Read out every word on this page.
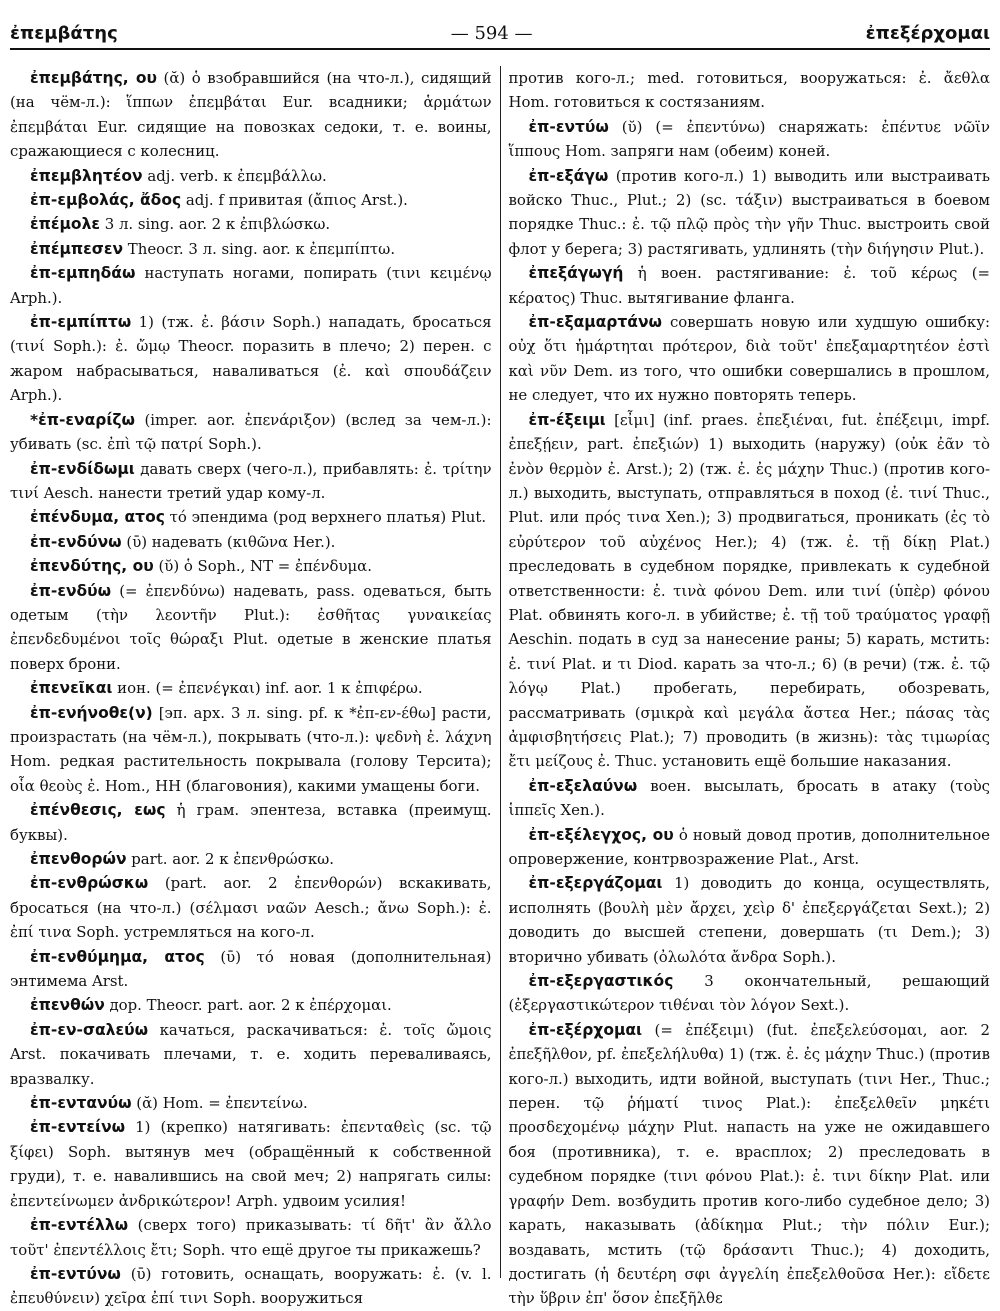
ἐπεμβάτης	— 594 —	ἐπεξέρχομαι

ἐπεμβάτης, ου (ᾰ) ὁ взобравшийся (на что-л.), сидящий (на чём-л.): ἵππων ἐπεμβάται Eur. всадники; ἁρμάτων ἐπεμβάται Eur. сидящие на повозках седоки, т. е. воины, сражающиеся с колесниц.

ἐπεμβλητέον adj. verb. к ἐπεμβάλλω.

ἐπ-εμβολάς, ἄδος adj. f привитая (ἄπιος Arst.).

ἐπέμολε 3 л. sing. aor. 2 к ἐπιβλώσκω.

ἐπέμπεσεν Theocr. 3 л. sing. aor. к ἐπεμπίπτω.

ἐπ-εμπηδάω наступать ногами, попирать (τινι κειμένῳ Arph.).

ἐπ-εμπίπτω 1) (тж. ἐ. βάσιν Soph.) нападать, бросаться (τινί Soph.): ἐ. ὤμῳ Theocr. поразить в плечо; 2) перен. с жаром набрасываться, наваливаться (ἐ. καὶ σπουδάζειν Arph.).

*ἐπ-εναρίζω (imper. aor. ἐπενάριξον) (вслед за чем-л.): убивать (sc. ἐπὶ τῷ πατρί Soph.).

ἐπ-ενδίδωμι давать сверх (чего-л.), прибавлять: ἐ. τρίτην τινί Aesch. нанести третий удар кому-л.

ἐπένδυμα, ατος τό эпендима (род верхнего платья) Plut.

ἐπ-ενδύνω (ῡ) надевать (κιθῶνα Her.).

ἐπενδύτης, ου (ῠ) ὁ Soph., NT = ἐπένδυμα.

ἐπ-ενδύω (= ἐπενδύνω) надевать, pass. одеваться, быть одетым (τὴν λεοντῆν Plut.): ἐσθῆτας γυναικείας ἐπενδεδυμένοι τοῖς θώραξι Plut. одетые в женские платья поверх брони.

ἐπενεῖκαι ион. (= ἐπενέγκαι) inf. aor. 1 к ἐπιφέρω.

ἐπ-ενήνοθε(ν) [эп. арх. 3 л. sing. pf. к *ἐπ-εν-έθω] расти, произрастать (на чём-л.), покрывать (что-л.): ψεδνὴ ἐ. λάχνη Hom. редкая растительность покрывала (голову Терсита); οἷα θεοὺς ἐ. Hom., HH (благовония), какими умащены боги.

ἐπένθεσις, εως ἡ грам. эпентеза, вставка (преимущ. буквы).

ἐπενθορών part. aor. 2 к ἐπενθρώσκω.

ἐπ-ενθρώσκω (part. aor. 2 ἐπενθορών) вскакивать, бросаться (на что-л.) (σέλμασι ναῶν Aesch.; ἄνω Soph.): ἐ. ἐπί τινα Soph. устремляться на кого-л.

ἐπ-ενθύμημα, ατος (ῡ) τό новая (дополнительная) энтимема Arst.

ἐπενθών дор. Theocr. part. aor. 2 к ἐπέρχομαι.

ἐπ-εν-σαλεύω качаться, раскачиваться: ἐ. τοῖς ὤμοις Arst. покачивать плечами, т. е. ходить переваливаясь, вразвалку.

ἐπ-εντανύω (ᾰ) Hom. = ἐπεντείνω.

ἐπ-εντείνω 1) (крепко) натягивать: ἐπενταθεὶς (sc. τῷ ξίφει) Soph. вытянув меч (обращённый к собственной груди), т. е. навалившись на свой меч; 2) напрягать силы: ἐπεντείνωμεν ἀνδρικώτερον! Arph. удвоим усилия!

ἐπ-εντέλλω (сверх того) приказывать: τί δῆτ' ἂν ἄλλο τοῦτ' ἐπεντέλλοις ἔτι; Soph. что ещё другое ты прикажешь?

ἐπ-εντύνω (ῡ) готовить, оснащать, вооружать: ἐ. (v. l. ἐπευθύνειν) χεῖρα ἐπί τινι Soph. вооружиться

против кого-л.; med. готовиться, вооружаться: ἐ. ἄεθλα Hom. готовиться к состязаниям.

ἐπ-εντύω (ῠ) (= ἐπεντύνω) снаряжать: ἐπέντυε νῶϊν ἵππους Hom. запряги нам (обеим) коней.

ἐπ-εξάγω (против кого-л.) 1) выводить или выстраивать войско Thuc., Plut.; 2) (sc. τάξιν) выстраиваться в боевом порядке Thuc.: ἐ. τῷ πλῷ πρὸς τὴν γῆν Thuc. выстроить свой флот у берега; 3) растягивать, удлинять (τὴν διήγησιν Plut.).

ἐπεξάγωγή ἡ воен. растягивание: ἐ. τοῦ κέρως (= κέρατος) Thuc. вытягивание фланга.

ἐπ-εξαμαρτάνω совершать новую или худшую ошибку: οὐχ ὅτι ἡμάρτηται πρότερον, διὰ τοῦτ' ἐπεξαμαρτητέον ἐστὶ καὶ νῦν Dem. из того, что ошибки совершались в прошлом, не следует, что их нужно повторять теперь.

ἐπ-έξειμι [εἶμι] (inf. praes. ἐπεξιέναι, fut. ἐπέξειμι, impf. ἐπεξῄειν, part. ἐπεξιών) 1) выходить (наружу) (οὐκ ἐᾶν τὸ ἐνὸν θερμὸν ἐ. Arst.); 2) (тж. ἐ. ἐς μάχην Thuc.) (против кого-л.) выходить, выступать, отправляться в поход (ἐ. τινί Thuc., Plut. или πρός τινα Xen.); 3) продвигаться, проникать (ἐς τὸ εὐρύτερον τοῦ αὐχένος Her.); 4) (тж. ἐ. τῇ δίκῃ Plat.) преследовать в судебном порядке, привлекать к судебной ответственности: ἐ. τινὰ φόνου Dem. или τινί (ὑπὲρ) φόνου Plat. обвинять кого-л. в убийстве; ἐ. τῇ τοῦ τραύματος γραφῇ Aeschin. подать в суд за нанесение раны; 5) карать, мстить: ἐ. τινί Plat. и τι Diod. карать за что-л.; 6) (в речи) (тж. ἐ. τῷ λόγῳ Plat.) пробегать, перебирать, обозревать, рассматривать (σμικρὰ καὶ μεγάλα ἄστεα Her.; πάσας τὰς ἀμφισβητήσεις Plat.); 7) проводить (в жизнь): τὰς τιμωρίας ἔτι μείζους ἐ. Thuc. установить ещё большие наказания.

ἐπ-εξελαύνω воен. высылать, бросать в атаку (τοὺς ἱππεῖς Xen.).

ἐπ-εξέλεγχος, ου ὁ новый довод против, дополнительное опровержение, контрвозражение Plat., Arst.

ἐπ-εξεργάζομαι 1) доводить до конца, осуществлять, исполнять (βουλὴ μὲν ἄρχει, χεὶρ δ' ἐπεξεργάζεται Sext.); 2) доводить до высшей степени, довершать (τι Dem.); 3) вторично убивать (ὀλωλότα ἄνδρα Soph.).

ἐπ-εξεργαστικός 3 окончательный, решающий (ἐξεργαστικώτερον τιθέναι τὸν λόγον Sext.).

ἐπ-εξέρχομαι (= ἐπέξειμι) (fut. ἐπεξελεύσομαι, aor. 2 ἐπεξῆλθον, pf. ἐπεξελήλυθα) 1) (тж. ἐ. ἐς μάχην Thuc.) (против кого-л.) выходить, идти войной, выступать (τινι Her., Thuc.; перен. τῷ ῥήματί τινος Plat.): ἐπεξελθεῖν μηκέτι προσδεχομένῳ μάχην Plut. напасть на уже не ожидавшего боя (противника), т. е. врасплох; 2) преследовать в судебном порядке (τινι φόνου Plat.): ἐ. τινι δίκην Plat. или γραφήν Dem. возбудить против кого-либо судебное дело; 3) карать, наказывать (ἀδίκημα Plut.; τὴν πόλιν Eur.); воздавать, мстить (τῷ δράσαντι Thuc.); 4) доходить, достигать (ἡ δευτέρη σφι ἀγγελίη ἐπεξελθοῦσα Her.): εἴδετε τὴν ὕβριν ἐπ' ὅσον ἐπεξῆλθε
